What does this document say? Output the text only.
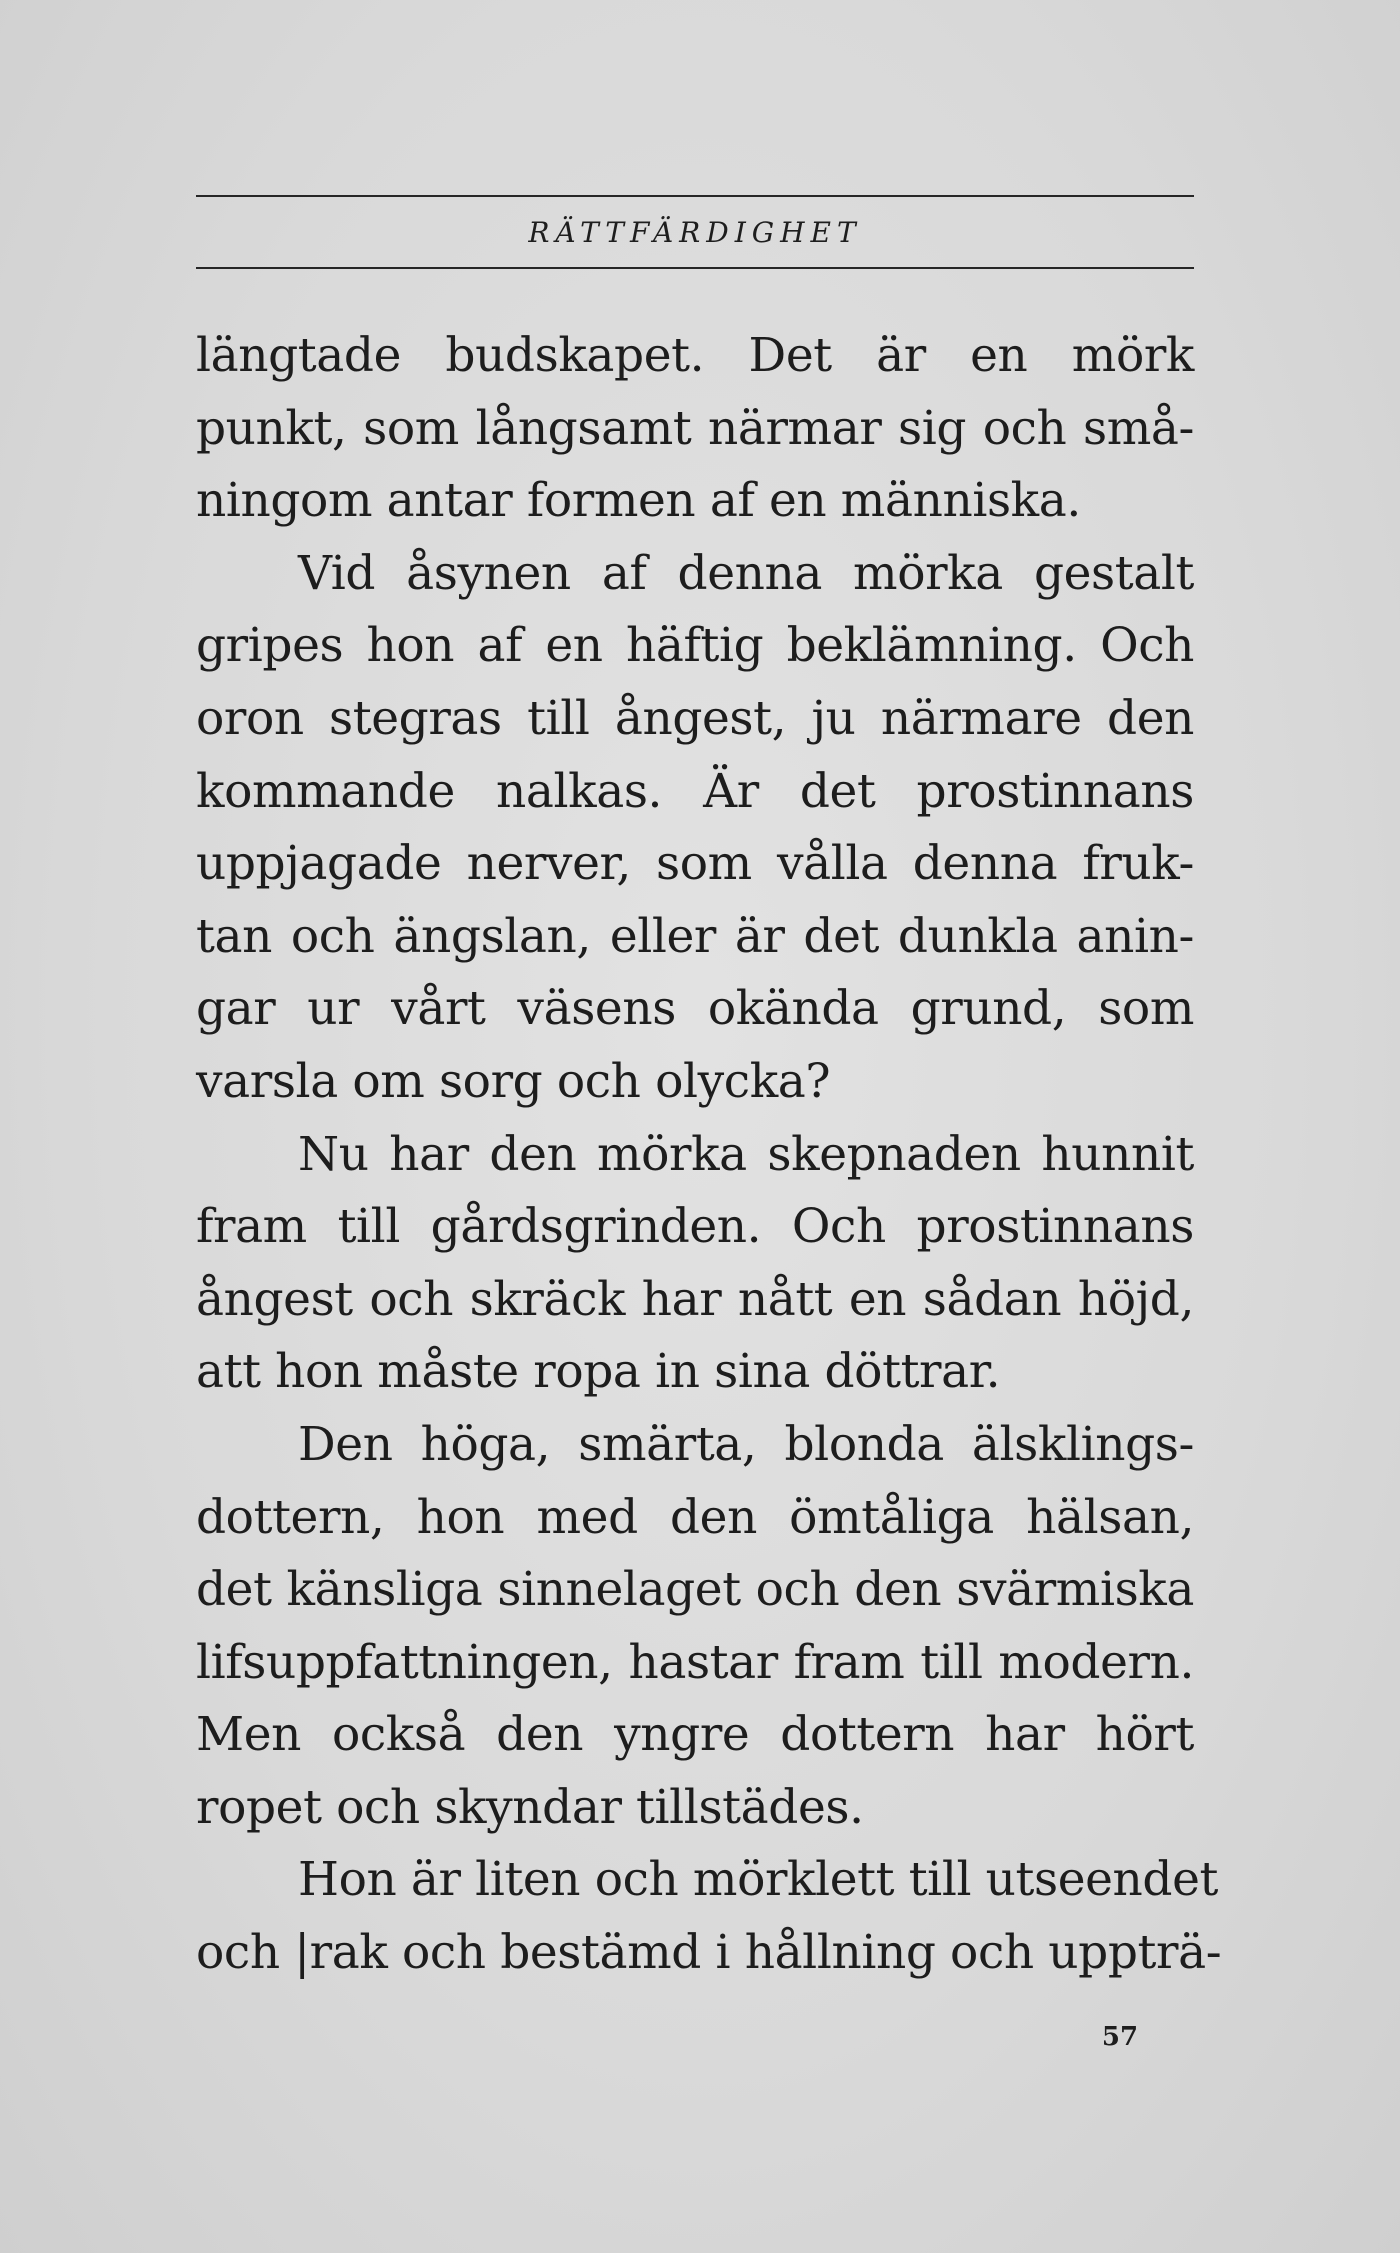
RÄTTFÄRDIGHET
längtade budskapet. Det är en mörk
punkt, som långsamt närmar sig och små-
ningom antar formen af en människa.
Vid åsynen af denna mörka gestalt
gripes hon af en häftig beklämning. Och
oron stegras till ångest, ju närmare den
kommande nalkas. Är det prostinnans
uppjagade nerver, som vålla denna fruk-
tan och ängslan, eller är det dunkla anin-
gar ur vårt väsens okända grund, som
varsla om sorg och olycka?
Nu har den mörka skepnaden hunnit
fram till gårdsgrinden. Och prostinnans
ångest och skräck har nått en sådan höjd,
att hon måste ropa in sina döttrar.
Den höga, smärta, blonda älsklings-
dottern, hon med den ömtåliga hälsan,
det känsliga sinnelaget och den svärmiska
lifsuppfattningen, hastar fram till modern.
Men också den yngre dottern har hört
ropet och skyndar tillstädes.
Hon är liten och mörklett till utseendet
och |rak och bestämd i hållning och uppträ-
57
